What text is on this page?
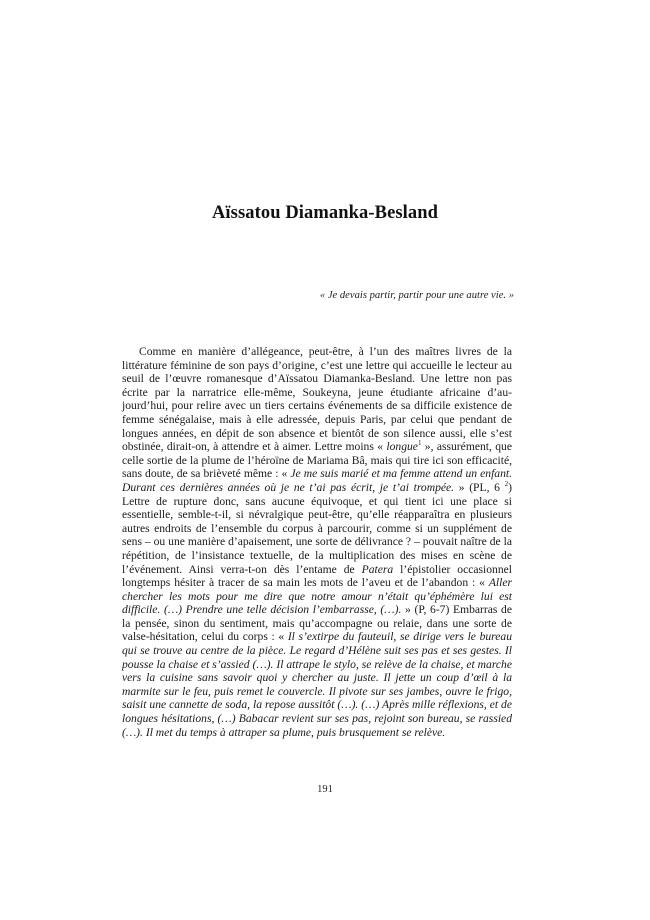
Aïssatou Diamanka-Besland

« Je devais partir, partir pour une autre vie. »

Comme en manière d’allégeance, peut-être, à l’un des maîtres livres de la littérature féminine de son pays d’origine, c’est une lettre qui accueille le lecteur au seuil de l’œuvre romanesque d’Aïssatou Diamanka-Besland. Une lettre non pas écrite par la narratrice elle-même, Soukeyna, jeune étudiante africaine d’aujourd’hui, pour relire avec un tiers certains événements de sa difficile existence de femme sénégalaise, mais à elle adressée, depuis Paris, par celui que pendant de longues années, en dépit de son absence et bientôt de son silence aussi, elle s’est obstinée, dirait-on, à attendre et à aimer. Lettre moins « longue$^1$ », assurément, que celle sortie de la plume de l’héroïne de Mariama Bâ, mais qui tire ici son efficacité, sans doute, de sa brièveté même : « Je me suis marié et ma femme attend un enfant. Durant ces dernières années où je ne t’ai pas écrit, je t’ai trompée. » (PL, 6 $^2$) Lettre de rupture donc, sans aucune équivoque, et qui tient ici une place si essentielle, semble-t-il, si névralgique peut-être, qu’elle réapparaîtra en plusieurs autres endroits de l’ensemble du corpus à parcourir, comme si un supplément de sens – ou une manière d’apaisement, une sorte de délivrance ? – pouvait naître de la répétition, de l’insistance textuelle, de la multiplication des mises en scène de l’événement. Ainsi verra-t-on dès l’entame de Patera l’épistolier occasionnel longtemps hésiter à tracer de sa main les mots de l’aveu et de l’abandon : « Aller chercher les mots pour me dire que notre amour n’était qu’éphémère lui est difficile. (…) Prendre une telle décision l’embarrasse, (…). » (P, 6-7) Embarras de la pensée, sinon du sentiment, mais qu’accompagne ou relaie, dans une sorte de valse-hésitation, celui du corps : « Il s’extirpe du fauteuil, se dirige vers le bureau qui se trouve au centre de la pièce. Le regard d’Hélène suit ses pas et ses gestes. Il pousse la chaise et s’assied (…). Il attrape le stylo, se relève de la chaise, et marche vers la cuisine sans savoir quoi y chercher au juste. Il jette un coup d’œil à la marmite sur le feu, puis remet le couvercle. Il pivote sur ses jambes, ouvre le frigo, saisit une cannette de soda, la repose aussitôt (…). (…) Après mille réflexions, et de longues hésitations, (…) Babacar revient sur ses pas, rejoint son bureau, se rassied (…). Il met du temps à attraper sa plume, puis brusquement se relève.

191
